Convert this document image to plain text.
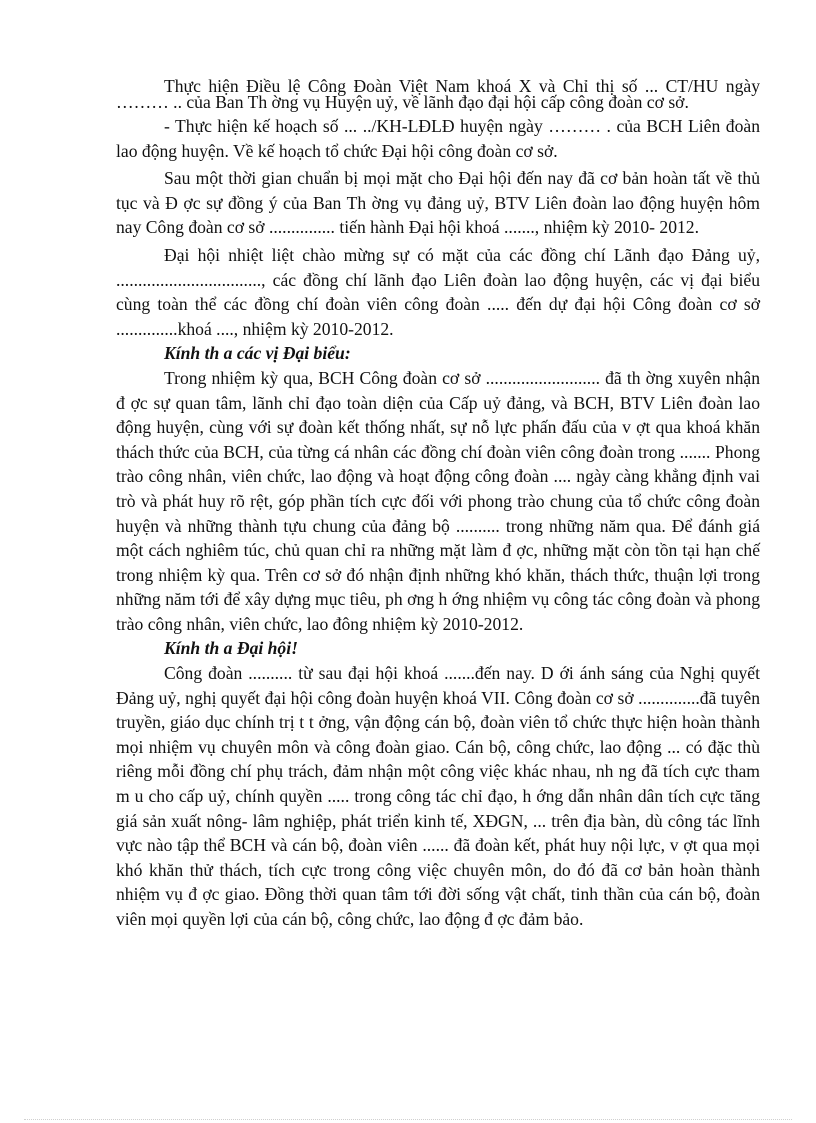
Thực hiện Điều lệ Công Đoàn Việt Nam khoá X và Chỉ thị số ... CT/HU ngày ……… .. của Ban Th ờng vụ Huyện uỷ, về lãnh đạo đại hội cấp công đoàn cơ sở.

- Thực hiện kế hoạch số ... ../KH-LĐLĐ huyện ngày ……… . của BCH Liên đoàn lao động huyện. Về kế hoạch tổ chức Đại hội công đoàn cơ sở.

Sau một thời gian chuẩn bị mọi mặt cho Đại hội đến nay đã cơ bản hoàn tất về thủ tục và Đ ợc sự đồng ý của Ban Th ờng vụ đảng uỷ, BTV Liên đoàn lao động huyện hôm nay Công đoàn cơ sở ............... tiến hành Đại hội khoá ......., nhiệm kỳ 2010- 2012.

Đại hội nhiệt liệt chào mừng sự có mặt của các đồng chí Lãnh đạo Đảng uỷ, ................................., các đồng chí lãnh đạo Liên đoàn lao động huyện, các vị đại biểu cùng toàn thể các đồng chí đoàn viên công đoàn ..... đến dự đại hội Công đoàn cơ sở ..............khoá ...., nhiệm kỳ 2010-2012.

Kính th a các vị Đại biểu:

Trong nhiệm kỳ qua, BCH Công đoàn cơ sở .......................... đã th ờng xuyên nhận đ ợc sự quan tâm, lãnh chỉ đạo toàn diện của Cấp uỷ đảng, và BCH, BTV Liên đoàn lao động huyện, cùng với sự đoàn kết thống nhất, sự nỗ lực phấn đấu của v ợt qua khoá khăn thách thức của BCH, của từng cá nhân các đồng chí đoàn viên công đoàn trong ....... Phong trào công nhân, viên chức, lao động và hoạt động công đoàn .... ngày càng khẳng định vai trò và phát huy rõ rệt, góp phần tích cực đối với phong trào chung của tổ chức công đoàn huyện và những thành tựu chung của đảng bộ .......... trong những năm qua. Để đánh giá một cách nghiêm túc, chủ quan chỉ ra những mặt làm đ ợc, những mặt còn tồn tại hạn chế trong nhiệm kỳ qua. Trên cơ sở đó nhận định những khó khăn, thách thức, thuận lợi trong những năm tới để xây dựng mục tiêu, ph ơng h ớng nhiệm vụ công tác công đoàn và phong trào công nhân, viên chức, lao đông nhiệm kỳ 2010-2012.

Kính th a Đại hội!

Công đoàn .......... từ sau đại hội khoá .......đến nay. D ới ánh sáng của Nghị quyết Đảng uỷ, nghị quyết đại hội công đoàn huyện khoá VII. Công đoàn cơ sở ..............đã tuyên truyền, giáo dục chính trị t t ởng, vận động cán bộ, đoàn viên tổ chức thực hiện hoàn thành mọi nhiệm vụ chuyên môn và công đoàn giao. Cán bộ, công chức, lao động ... có đặc thù riêng mỗi đồng chí phụ trách, đảm nhận một công việc khác nhau, nh ng đã tích cực tham m u cho cấp uỷ, chính quyền ..... trong công tác chỉ đạo, h ớng dẫn nhân dân tích cực tăng giá sản xuất nông- lâm nghiệp, phát triển kinh tế, XĐGN, ... trên địa bàn, dù công tác lĩnh vực nào tập thể BCH và cán bộ, đoàn viên ...... đã đoàn kết, phát huy nội lực, v ợt qua mọi khó khăn thử thách, tích cực trong công việc chuyên môn, do đó đã cơ bản hoàn thành nhiệm vụ đ ợc giao. Đồng thời quan tâm tới đời sống vật chất, tinh thần của cán bộ, đoàn viên mọi quyền lợi của cán bộ, công chức, lao động đ ợc đảm bảo.
